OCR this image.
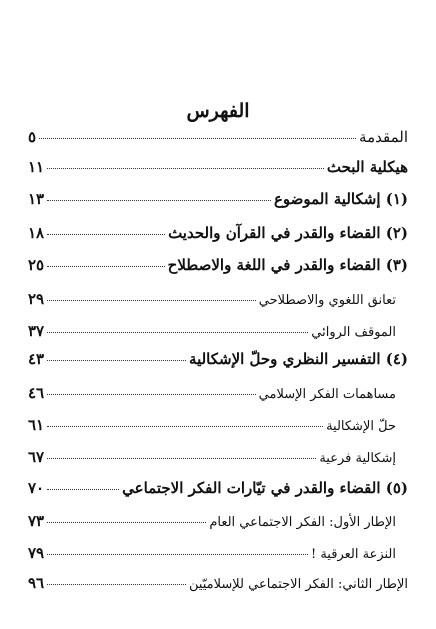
الفهرس
المقدمة
٥
هيكلية البحث
١١
(١) إشكالية الموضوع
١٣
(٢) القضاء والقدر في القرآن والحديث
١٨
(٣) القضاء والقدر في اللغة والاصطلاح
٢٥
تعانق اللغوي والاصطلاحي
٢٩
الموقف الروائي
٣٧
(٤) التفسير النظري وحلّ الإشكالية
٤٣
مساهمات الفكر الإسلامي
٤٦
حلّ الإشكالية
٦١
إشكالية فرعية
٦٧
(٥) القضاء والقدر في تيّارات الفكر الاجتماعي
٧٠
الإطار الأول: الفكر الاجتماعي العام
٧٣
النزعة العرقية !
٧٩
الإطار الثاني: الفكر الاجتماعي للإسلاميّين
٩٦
